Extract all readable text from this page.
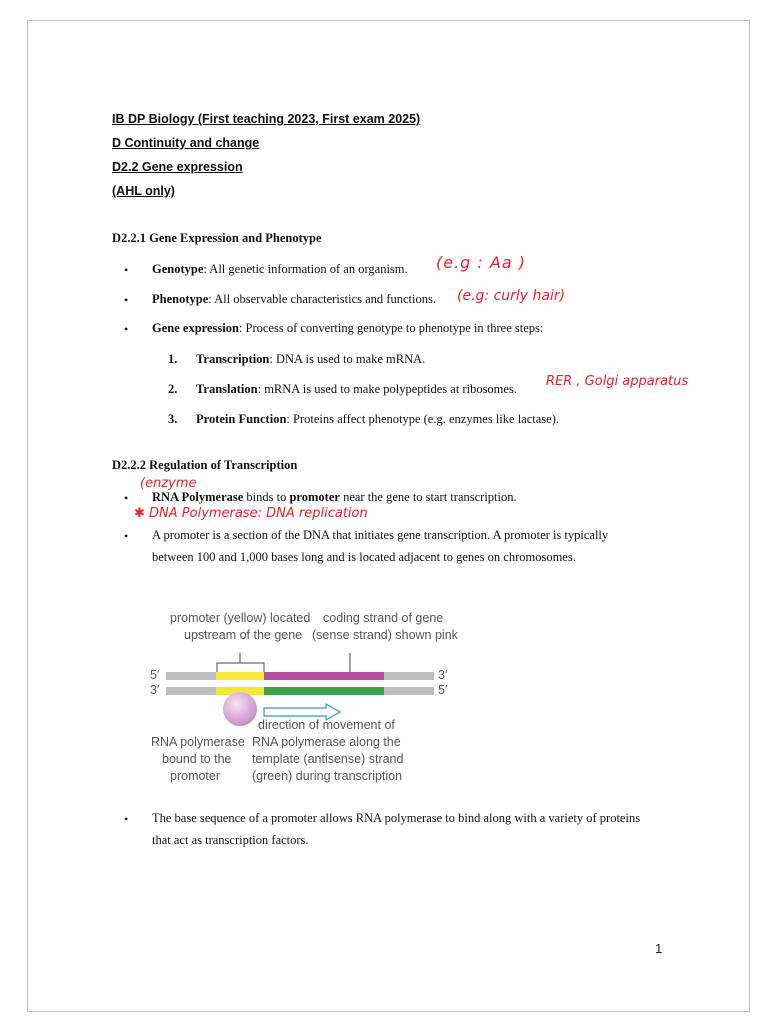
IB DP Biology (First teaching 2023, First exam 2025)
D Continuity and change
D2.2 Gene expression
(AHL only)
D2.2.1 Gene Expression and Phenotype
• Genotype: All genetic information of an organism. (e.g : Aa )
• Phenotype: All observable characteristics and functions. (e.g: curly hair)
• Gene expression: Process of converting genotype to phenotype in three steps:
1. Transcription: DNA is used to make mRNA.
2. Translation: mRNA is used to make polypeptides at ribosomes. RER , Golgi apparatus
3. Protein Function: Proteins affect phenotype (e.g. enzymes like lactase).
D2.2.2 Regulation of Transcription
(enzyme
• RNA Polymerase binds to promoter near the gene to start transcription.
✱ DNA Polymerase: DNA replication
• A promoter is a section of the DNA that initiates gene transcription. A promoter is typically
between 100 and 1,000 bases long and is located adjacent to genes on chromosomes.
promoter (yellow) located
upstream of the gene
coding strand of gene
(sense strand) shown pink
5′
3′
3′
5′
RNA polymerase
bound to the
promoter
direction of movement of
RNA polymerase along the
template (antisense) strand
(green) during transcription
• The base sequence of a promoter allows RNA polymerase to bind along with a variety of proteins
that act as transcription factors.
1
